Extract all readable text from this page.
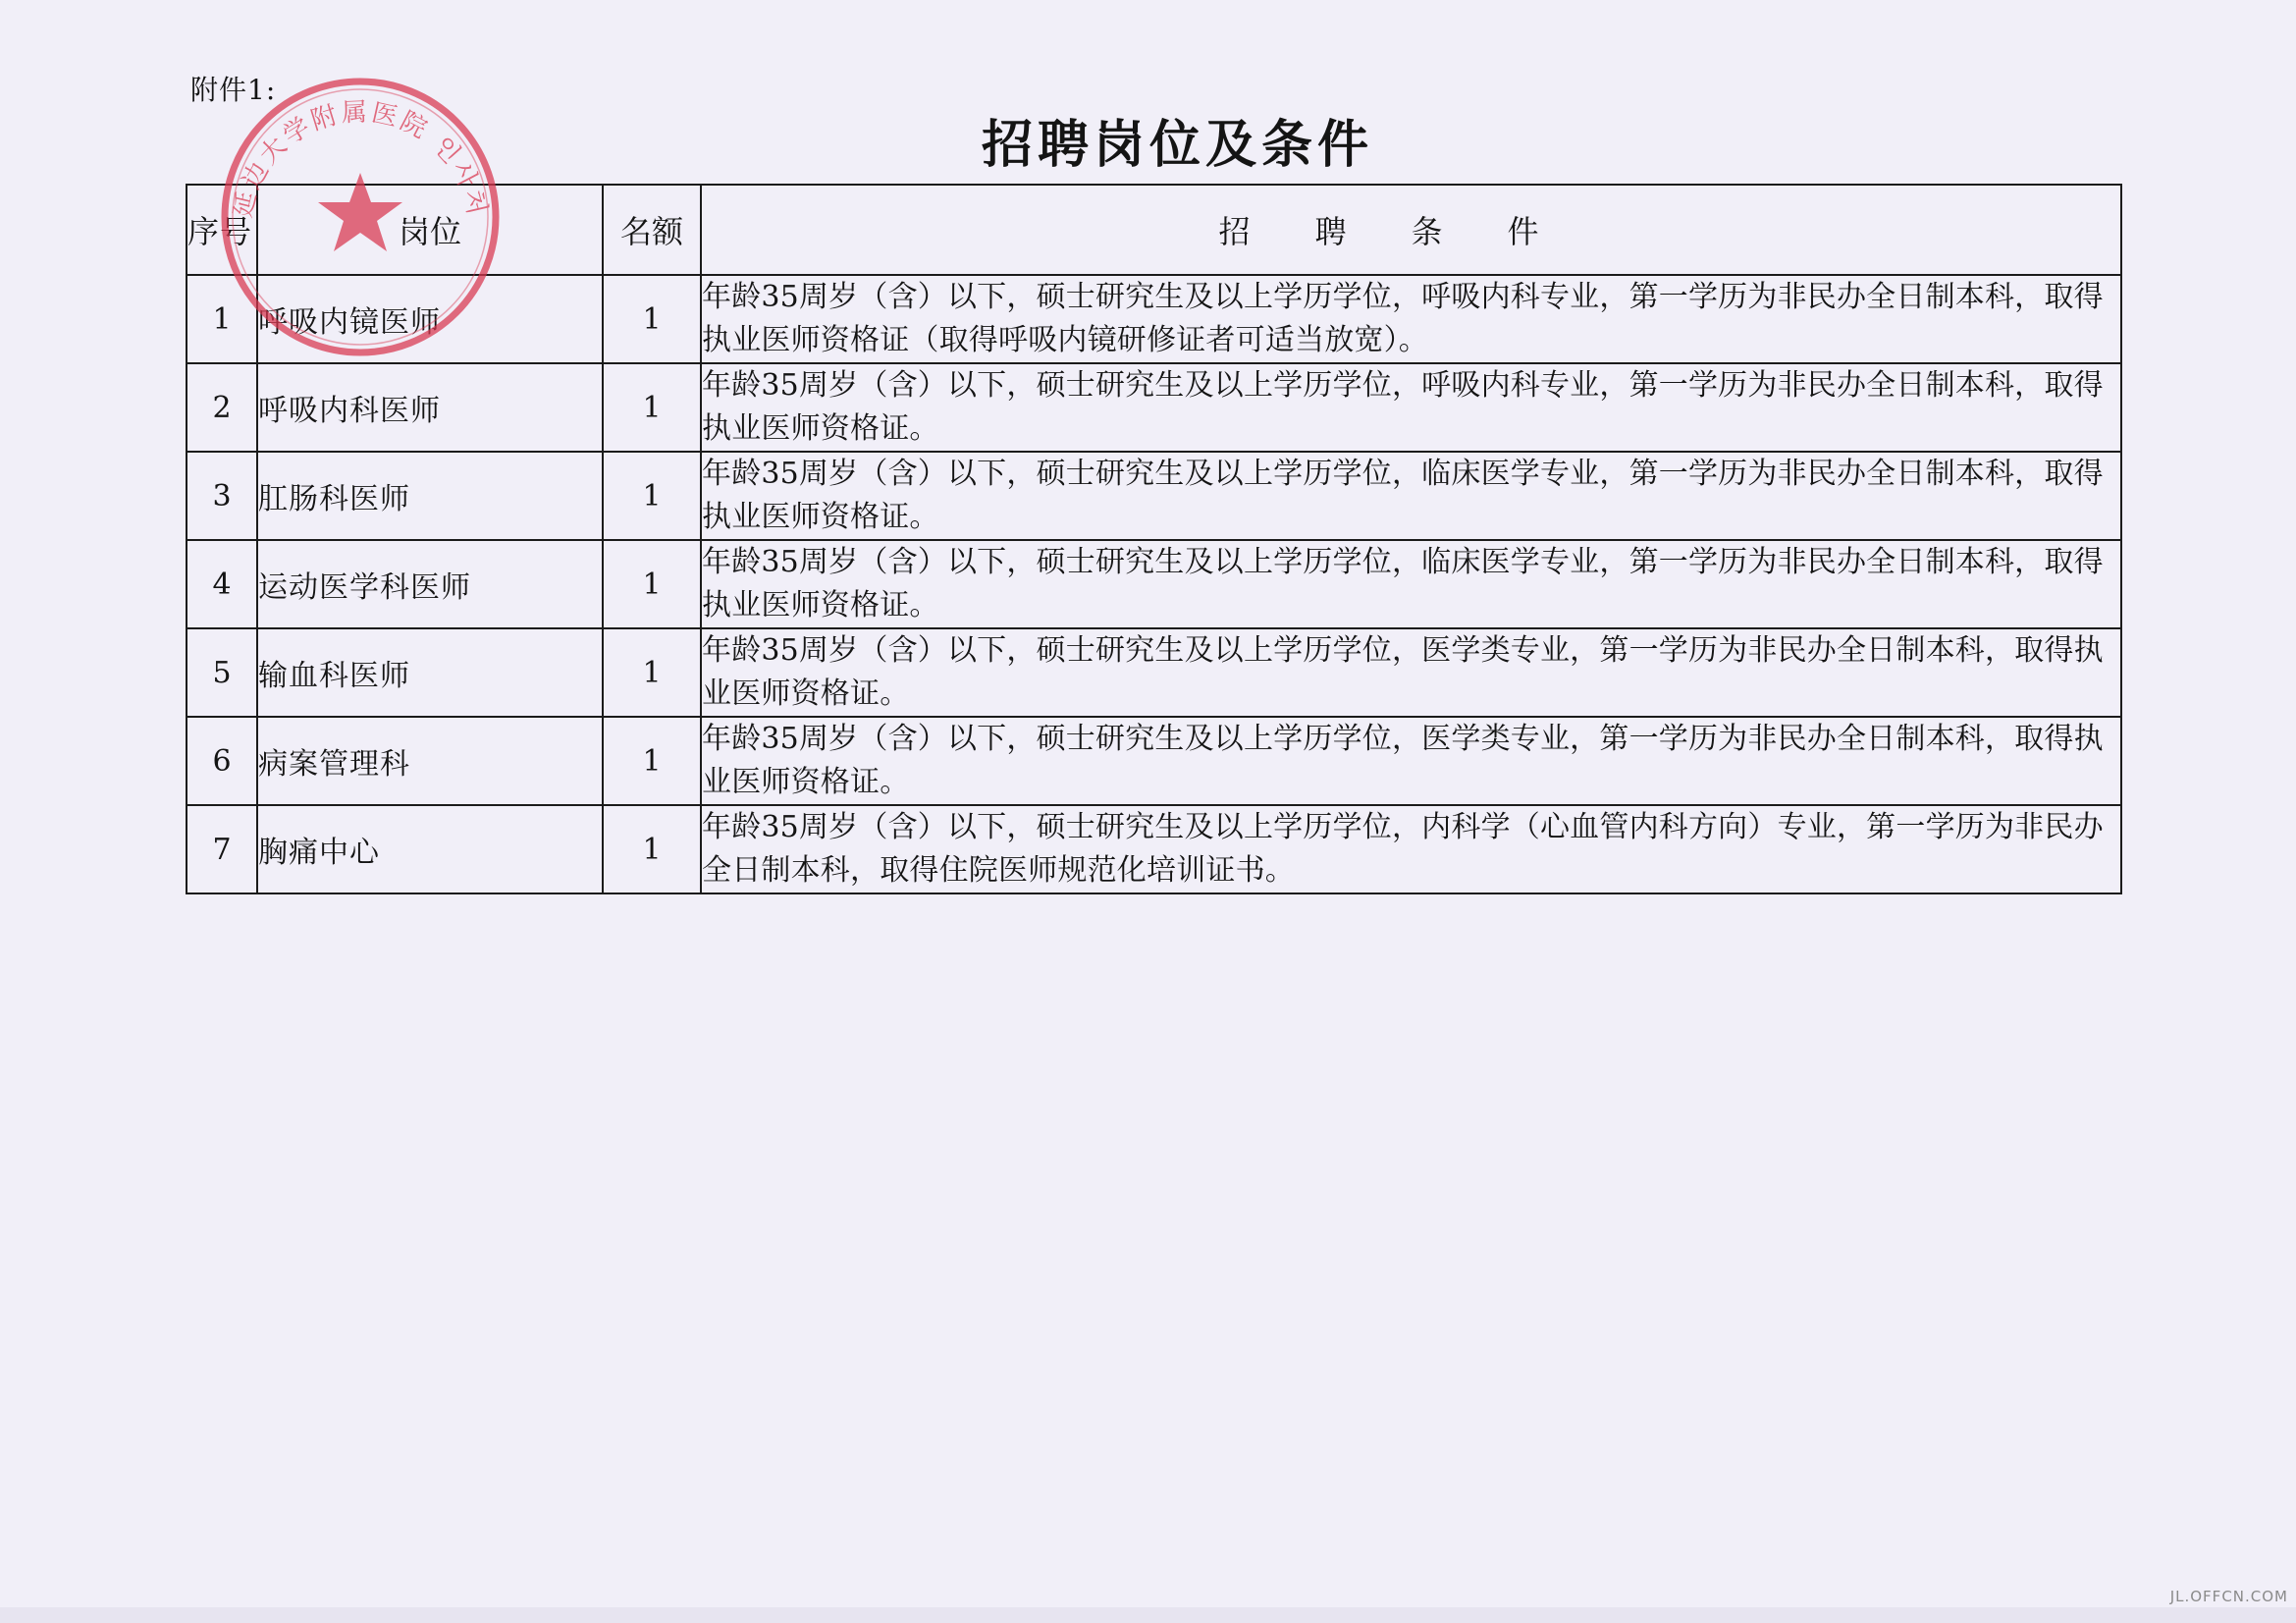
附件1:
招聘岗位及条件
序号	岗位	名额	招聘条件
1	呼吸内镜医师	1	年龄35周岁（含）以下，硕士研究生及以上学历学位，呼吸内科专业，第一学历为非民办全日制本科，取得执业医师资格证（取得呼吸内镜研修证者可适当放宽）。
2	呼吸内科医师	1	年龄35周岁（含）以下，硕士研究生及以上学历学位，呼吸内科专业，第一学历为非民办全日制本科，取得执业医师资格证。
3	肛肠科医师	1	年龄35周岁（含）以下，硕士研究生及以上学历学位，临床医学专业，第一学历为非民办全日制本科，取得执业医师资格证。
4	运动医学科医师	1	年龄35周岁（含）以下，硕士研究生及以上学历学位，临床医学专业，第一学历为非民办全日制本科，取得执业医师资格证。
5	输血科医师	1	年龄35周岁（含）以下，硕士研究生及以上学历学位，医学类专业，第一学历为非民办全日制本科，取得执业医师资格证。
6	病案管理科	1	年龄35周岁（含）以下，硕士研究生及以上学历学位，医学类专业，第一学历为非民办全日制本科，取得执业医师资格证。
7	胸痛中心	1	年龄35周岁（含）以下，硕士研究生及以上学历学位，内科学（心血管内科方向）专业，第一学历为非民办全日制本科，取得住院医师规范化培训证书。
延边大学附属医院 인사처
JL.OFFCN.COM
